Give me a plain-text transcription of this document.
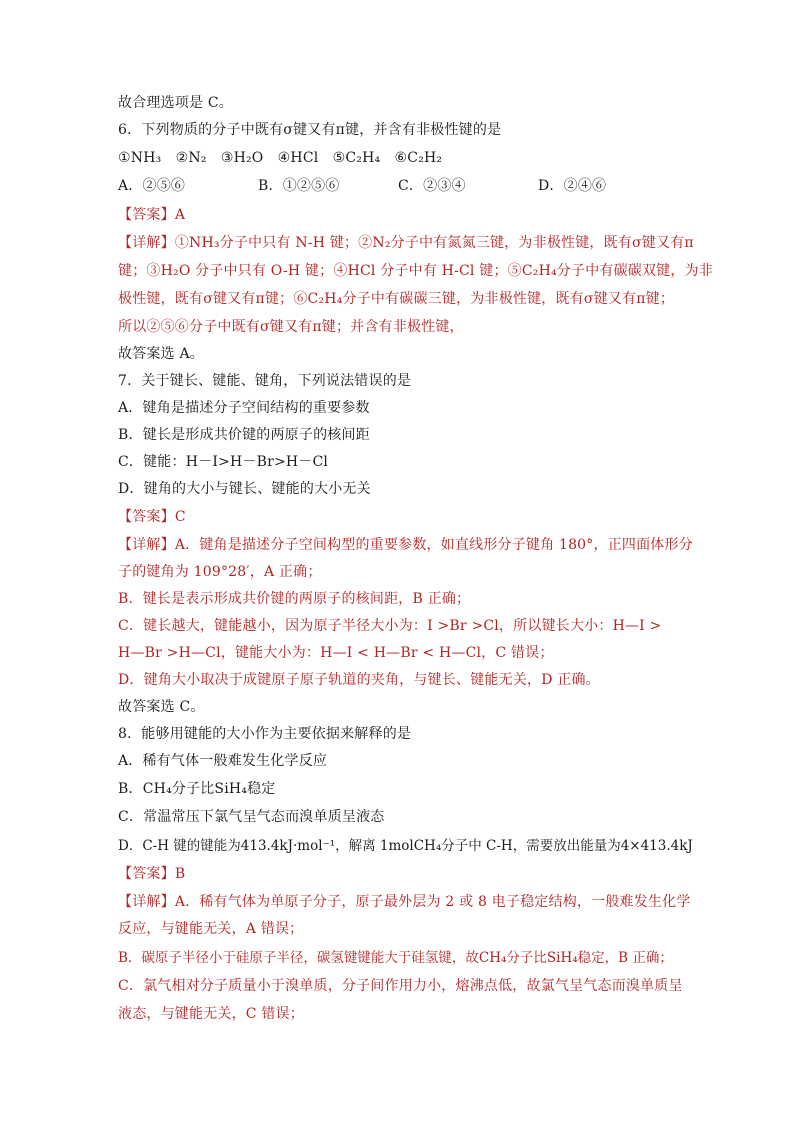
故合理选项是 C。
6．下列物质的分子中既有σ键又有π键，并含有非极性键的是
①NH₃　②N₂　③H₂O　④HCl　⑤C₂H₄　⑥C₂H₂
A．②⑤⑥	B．①②⑤⑥	C．②③④	D．②④⑥
【答案】A
【详解】①NH₃分子中只有 N-H 键；②N₂分子中有氮氮三键，为非极性键，既有σ键又有π
键；③H₂O 分子中只有 O-H 键；④HCl 分子中有 H-Cl 键；⑤C₂H₄分子中有碳碳双键，为非
极性键，既有σ键又有π键；⑥C₂H₄分子中有碳碳三键，为非极性键，既有σ键又有π键；
所以②⑤⑥分子中既有σ键又有π键；并含有非极性键，
故答案选 A。
7．关于键长、键能、键角，下列说法错误的是
A．键角是描述分子空间结构的重要参数
B．键长是形成共价键的两原子的核间距
C．键能：H－I>H－Br>H－Cl
D．键角的大小与键长、键能的大小无关
【答案】C
【详解】A．键角是描述分子空间构型的重要参数，如直线形分子键角 180°，正四面体形分
子的键角为 109°28′，A 正确；
B．键长是表示形成共价键的两原子的核间距，B 正确；
C．键长越大，键能越小，因为原子半径大小为：I >Br >Cl，所以键长大小：H—I >
H—Br >H—Cl，键能大小为：H—I < H—Br < H—Cl，C 错误；
D．键角大小取决于成键原子原子轨道的夹角，与键长、键能无关，D 正确。
故答案选 C。
8．能够用键能的大小作为主要依据来解释的是
A．稀有气体一般难发生化学反应
B．CH₄分子比SiH₄稳定
C．常温常压下氯气呈气态而溴单质呈液态
D．C-H 键的键能为413.4kJ·mol⁻¹，解离 1molCH₄分子中 C-H，需要放出能量为4×413.4kJ
【答案】B
【详解】A．稀有气体为单原子分子，原子最外层为 2 或 8 电子稳定结构，一般难发生化学
反应，与键能无关，A 错误；
B．碳原子半径小于硅原子半径，碳氢键键能大于硅氢键，故CH₄分子比SiH₄稳定，B 正确；
C．氯气相对分子质量小于溴单质，分子间作用力小，熔沸点低，故氯气呈气态而溴单质呈
液态，与键能无关，C 错误；
